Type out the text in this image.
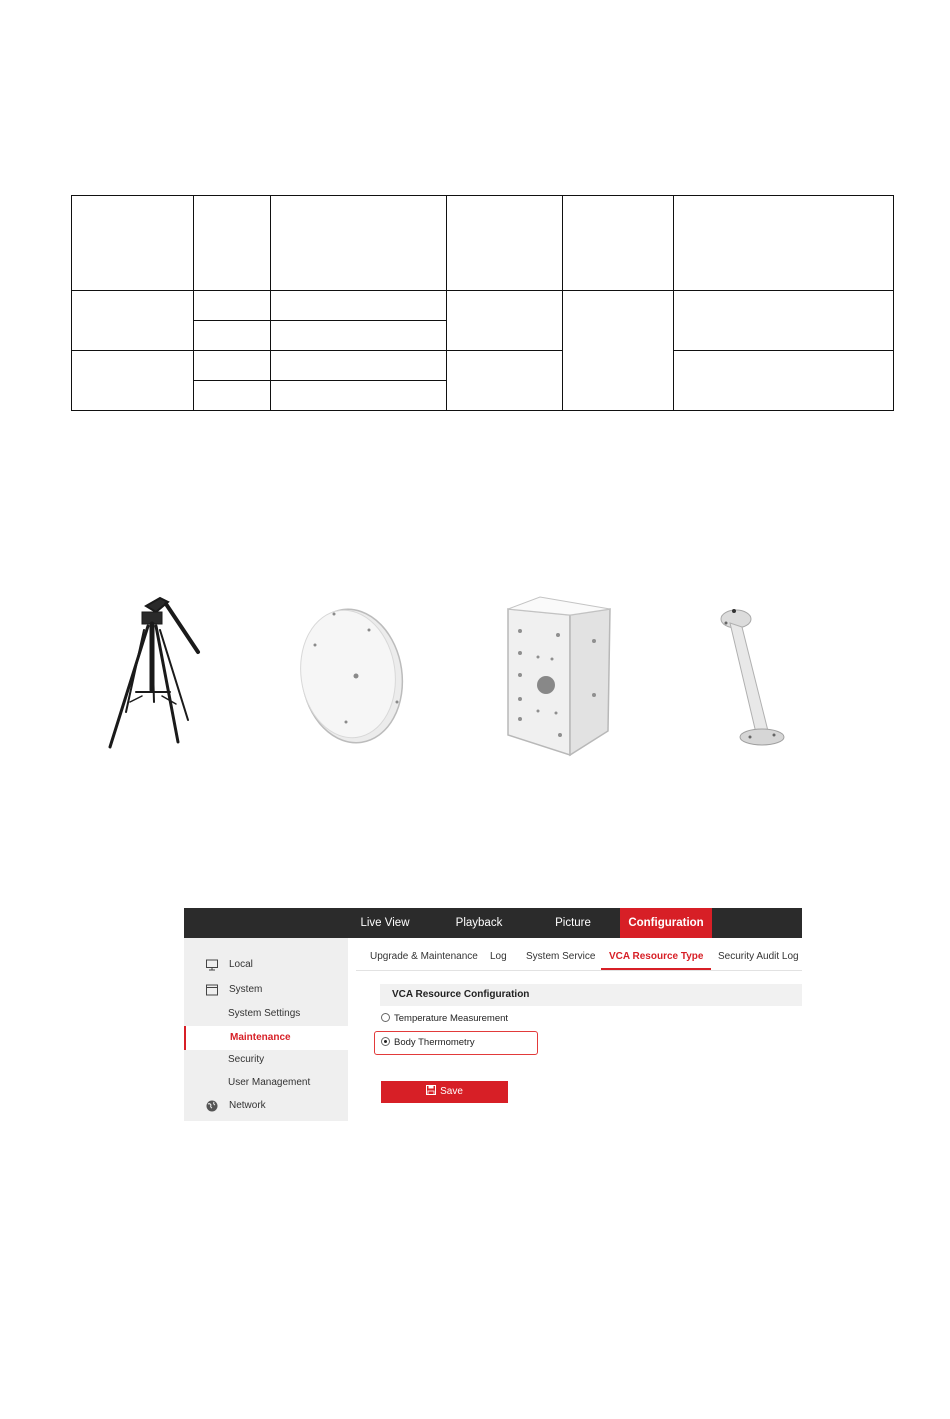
Live View	Playback	Picture	Configuration
Local
System
System Settings
Maintenance
Security
User Management
Network
Upgrade & Maintenance Log System Service	VCA Resource Type	Security Audit Log
VCA Resource Configuration
Temperature Measurement
Body Thermometry
Save
